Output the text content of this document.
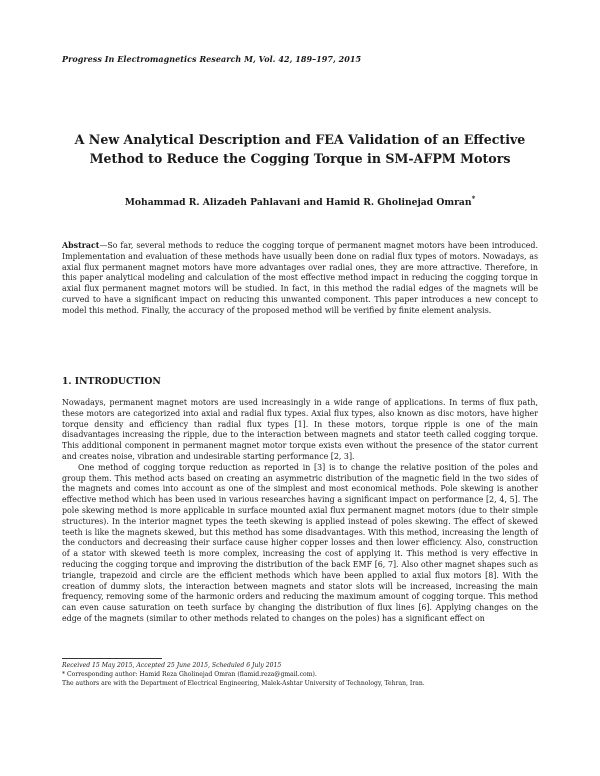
Progress In Electromagnetics Research M, Vol. 42, 189–197, 2015
A New Analytical Description and FEA Validation of an Effective
Method to Reduce the Cogging Torque in SM-AFPM Motors
Mohammad R. Alizadeh Pahlavani and Hamid R. Gholinejad Omran*
Abstract—So far, several methods to reduce the cogging torque of permanent magnet motors have been introduced. Implementation and evaluation of these methods have usually been done on radial flux types of motors. Nowadays, as axial flux permanent magnet motors have more advantages over radial ones, they are more attractive. Therefore, in this paper analytical modeling and calculation of the most effective method impact in reducing the cogging torque in axial flux permanent magnet motors will be studied. In fact, in this method the radial edges of the magnets will be curved to have a significant impact on reducing this unwanted component. This paper introduces a new concept to model this method. Finally, the accuracy of the proposed method will be verified by finite element analysis.
1. INTRODUCTION

Nowadays, permanent magnet motors are used increasingly in a wide range of applications. In terms of flux path, these motors are categorized into axial and radial flux types. Axial flux types, also known as disc motors, have higher torque density and efficiency than radial flux types [1]. In these motors, torque ripple is one of the main disadvantages increasing the ripple, due to the interaction between magnets and stator teeth called cogging torque. This additional component in permanent magnet motor torque exists even without the presence of the stator current and creates noise, vibration and undesirable starting performance [2, 3].

One method of cogging torque reduction as reported in [3] is to change the relative position of the poles and group them. This method acts based on creating an asymmetric distribution of the magnetic field in the two sides of the magnets and comes into account as one of the simplest and most economical methods. Pole skewing is another effective method which has been used in various researches having a significant impact on performance [2, 4, 5]. The pole skewing method is more applicable in surface mounted axial flux permanent magnet motors (due to their simple structures). In the interior magnet types the teeth skewing is applied instead of poles skewing. The effect of skewed teeth is like the magnets skewed, but this method has some disadvantages. With this method, increasing the length of the conductors and decreasing their surface cause higher copper losses and then lower efficiency. Also, construction of a stator with skewed teeth is more complex, increasing the cost of applying it. This method is very effective in reducing the cogging torque and improving the distribution of the back EMF [6, 7]. Also other magnet shapes such as triangle, trapezoid and circle are the efficient methods which have been applied to axial flux motors [8]. With the creation of dummy slots, the interaction between magnets and stator slots will be increased, increasing the main frequency, removing some of the harmonic orders and reducing the maximum amount of cogging torque. This method can even cause saturation on teeth surface by changing the distribution of flux lines [6]. Applying changes on the edge of the magnets (similar to other methods related to changes on the poles) has a significant effect on

Received 15 May 2015, Accepted 25 June 2015, Scheduled 6 July 2015
* Corresponding author: Hamid Reza Gholinejad Omran (flamid.reza@gmail.com).
The authors are with the Department of Electrical Engineering, Malek-Ashtar University of Technology, Tehran, Iran.
